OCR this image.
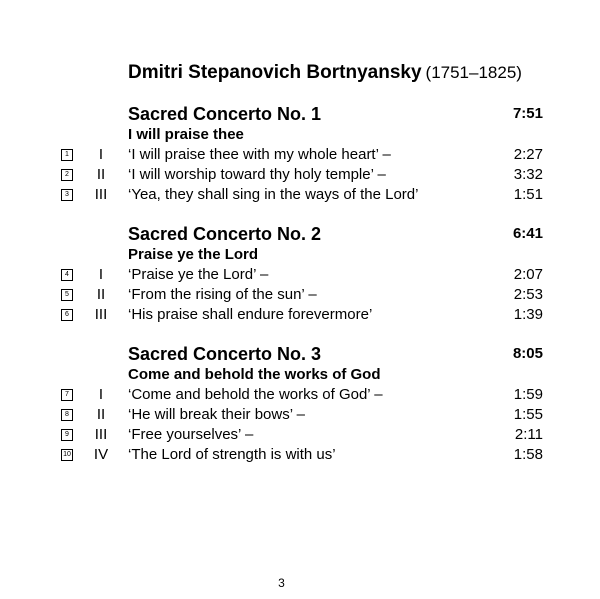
Dmitri Stepanovich Bortnyansky (1751–1825)
Sacred Concerto No. 1	7:51
I will praise thee
1	I	‘I will praise thee with my whole heart’ –	2:27
2	II	‘I will worship toward thy holy temple’ –	3:32
3	III	‘Yea, they shall sing in the ways of the Lord’	1:51
Sacred Concerto No. 2	6:41
Praise ye the Lord
4	I	‘Praise ye the Lord’ –	2:07
5	II	‘From the rising of the sun’ –	2:53
6	III	‘His praise shall endure forevermore’	1:39
Sacred Concerto No. 3	8:05
Come and behold the works of God
7	I	‘Come and behold the works of God’ –	1:59
8	II	‘He will break their bows’ –	1:55
9	III	‘Free yourselves’ –	2:11
10	IV	‘The Lord of strength is with us’	1:58
3
